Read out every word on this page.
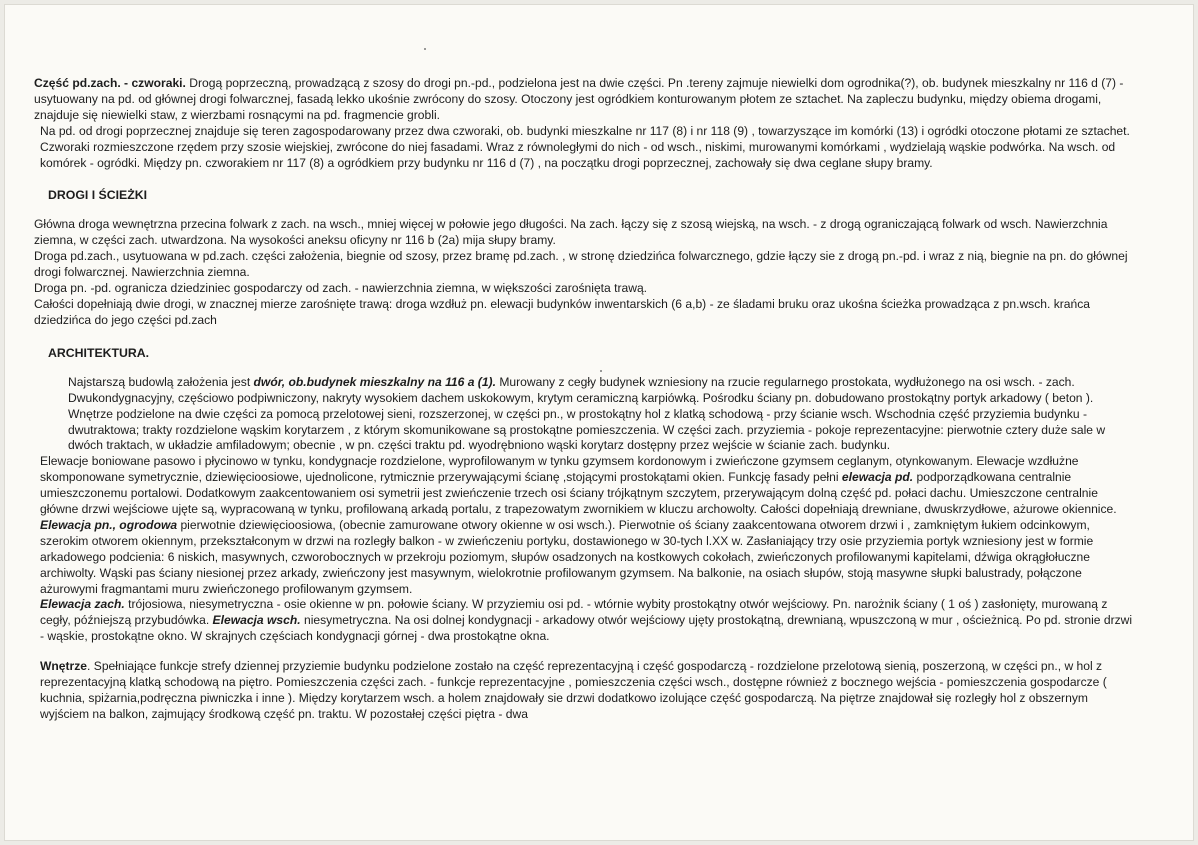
Część pd.zach. - czworaki. Drogą poprzeczną, prowadzącą z szosy do drogi pn.-pd., podzielona jest na dwie części. Pn .tereny zajmuje niewielki dom ogrodnika(?), ob. budynek mieszkalny nr 116 d (7) - usytuowany na pd. od głównej drogi folwarcznej, fasadą lekko ukośnie zwrócony do szosy. Otoczony jest ogródkiem konturowanym płotem ze sztachet. Na zapleczu budynku, między obiema drogami, znajduje się niewielki staw, z wierzbami rosnącymi na pd. fragmencie grobli.

Na pd. od drogi poprzecznej znajduje się teren zagospodarowany przez dwa czworaki, ob. budynki mieszkalne nr 117 (8) i nr 118 (9) , towarzyszące im komórki (13) i ogródki otoczone płotami ze sztachet. Czworaki rozmieszczone rzędem przy szosie wiejskiej, zwrócone do niej fasadami. Wraz z równoległymi do nich - od wsch., niskimi, murowanymi komórkami , wydzielają wąskie podwórka. Na wsch. od komórek - ogródki. Między pn. czworakiem nr 117 (8) a ogródkiem przy budynku nr 116 d (7) , na początku drogi poprzecznej, zachowały się dwa ceglane słupy bramy.

DROGI I ŚCIEŻKI

Główna droga wewnętrzna przecina folwark z zach. na wsch., mniej więcej w połowie jego długości. Na zach. łączy się z szosą wiejską, na wsch. - z drogą ograniczającą folwark od wsch. Nawierzchnia ziemna, w części zach. utwardzona. Na wysokości aneksu oficyny nr 116 b (2a) mija słupy bramy.

Droga pd.zach., usytuowana w pd.zach. części założenia, biegnie od szosy, przez bramę pd.zach. , w stronę dziedzińca folwarcznego, gdzie łączy sie z drogą pn.-pd. i wraz z nią, biegnie na pn. do głównej drogi folwarcznej. Nawierzchnia ziemna.

Droga pn. -pd. ogranicza dziedziniec gospodarczy od zach. - nawierzchnia ziemna, w większości zarośnięta trawą.

Całości dopełniają dwie drogi, w znacznej mierze zarośnięte trawą: droga wzdłuż pn. elewacji budynków inwentarskich (6 a,b) - ze śladami bruku oraz ukośna ścieżka prowadząca z pn.wsch. krańca dziedzińca do jego części pd.zach

ARCHITEKTURA.

Najstarszą budowlą założenia jest dwór, ob.budynek mieszkalny na 116 a (1). Murowany z cegły budynek wzniesiony na rzucie regularnego prostokata, wydłużonego na osi wsch. - zach. Dwukondygnacyjny, częściowo podpiwniczony, nakryty wysokiem dachem uskokowym, krytym ceramiczną karpiówką. Pośrodku ściany pn. dobudowano prostokątny portyk arkadowy ( beton ). Wnętrze podzielone na dwie części za pomocą przelotowej sieni, rozszerzonej, w części pn., w prostokątny hol z klatką schodową - przy ścianie wsch. Wschodnia część przyziemia budynku - dwutraktowa; trakty rozdzielone wąskim korytarzem , z którym skomunikowane są prostokątne pomieszczenia. W części zach. przyziemia - pokoje reprezentacyjne: pierwotnie cztery duże sale w dwóch traktach, w układzie amfiladowym; obecnie , w pn. części traktu pd. wyodrębniono wąski korytarz dostępny przez wejście w ścianie zach. budynku.

Elewacje boniowane pasowo i płycinowo w tynku, kondygnacje rozdzielone, wyprofilowanym w tynku gzymsem kordonowym i zwieńczone gzymsem ceglanym, otynkowanym. Elewacje wzdłużne skomponowane symetrycznie, dziewięcioosiowe, ujednolicone, rytmicznie przerywającymi ścianę ,stojącymi prostokątami okien. Funkcję fasady pełni elewacja pd. podporządkowana centralnie umieszczonemu portalowi. Dodatkowym zaakcentowaniem osi symetrii jest zwieńczenie trzech osi ściany trójkątnym szczytem, przerywającym dolną część pd. połaci dachu. Umieszczone centralnie główne drzwi wejściowe ujęte są, wypracowaną w tynku, profilowaną arkadą portalu, z trapezowatym zwornikiem w kluczu archowolty. Całości dopełniają drewniane, dwuskrzydłowe, ażurowe okiennice. Elewacja pn., ogrodowa pierwotnie dziewięcioosiowa, (obecnie zamurowane otwory okienne w osi wsch.). Pierwotnie oś ściany zaakcentowana otworem drzwi i , zamkniętym łukiem odcinkowym, szerokim otworem okiennym, przekształconym w drzwi na rozległy balkon - w zwieńczeniu portyku, dostawionego w 30-tych l.XX w. Zasłaniający trzy osie przyziemia portyk wzniesiony jest w formie arkadowego podcienia: 6 niskich, masywnych, czworobocznych w przekroju poziomym, słupów osadzonych na kostkowych cokołach, zwieńczonych profilowanymi kapitelami, dźwiga okrągłołuczne archiwolty. Wąski pas ściany niesionej przez arkady, zwieńczony jest masywnym, wielokrotnie profilowanym gzymsem. Na balkonie, na osiach słupów, stoją masywne słupki balustrady, połączone ażurowymi fragmantami muru zwieńczonego profilowanym gzymsem.

Elewacja zach. trójosiowa, niesymetryczna - osie okienne w pn. połowie ściany. W przyziemiu osi pd. - wtórnie wybity prostokątny otwór wejściowy. Pn. narożnik ściany ( 1 oś ) zasłonięty, murowaną z cegły, późniejszą przybudówka. Elewacja wsch. niesymetryczna. Na osi dolnej kondygnacji - arkadowy otwór wejściowy ujęty prostokątną, drewnianą, wpuszczoną w mur , ościeżnicą. Po pd. stronie drzwi - wąskie, prostokątne okno. W skrajnych częściach kondygnacji górnej - dwa prostokątne okna.

Wnętrze. Spełniające funkcje strefy dziennej przyziemie budynku podzielone zostało na część reprezentacyjną i część gospodarczą - rozdzielone przelotową sienią, poszerzoną, w części pn., w hol z reprezentacyjną klatką schodową na piętro. Pomieszczenia części zach. - funkcje reprezentacyjne , pomieszczenia części wsch., dostępne również z bocznego wejścia - pomieszczenia gospodarcze ( kuchnia, spiżarnia,podręczna piwniczka i inne ). Między korytarzem wsch. a holem znajdowały sie drzwi dodatkowo izolujące część gospodarczą. Na piętrze znajdował się rozległy hol z obszernym wyjściem na balkon, zajmujący środkową część pn. traktu. W pozostałej części piętra - dwa
